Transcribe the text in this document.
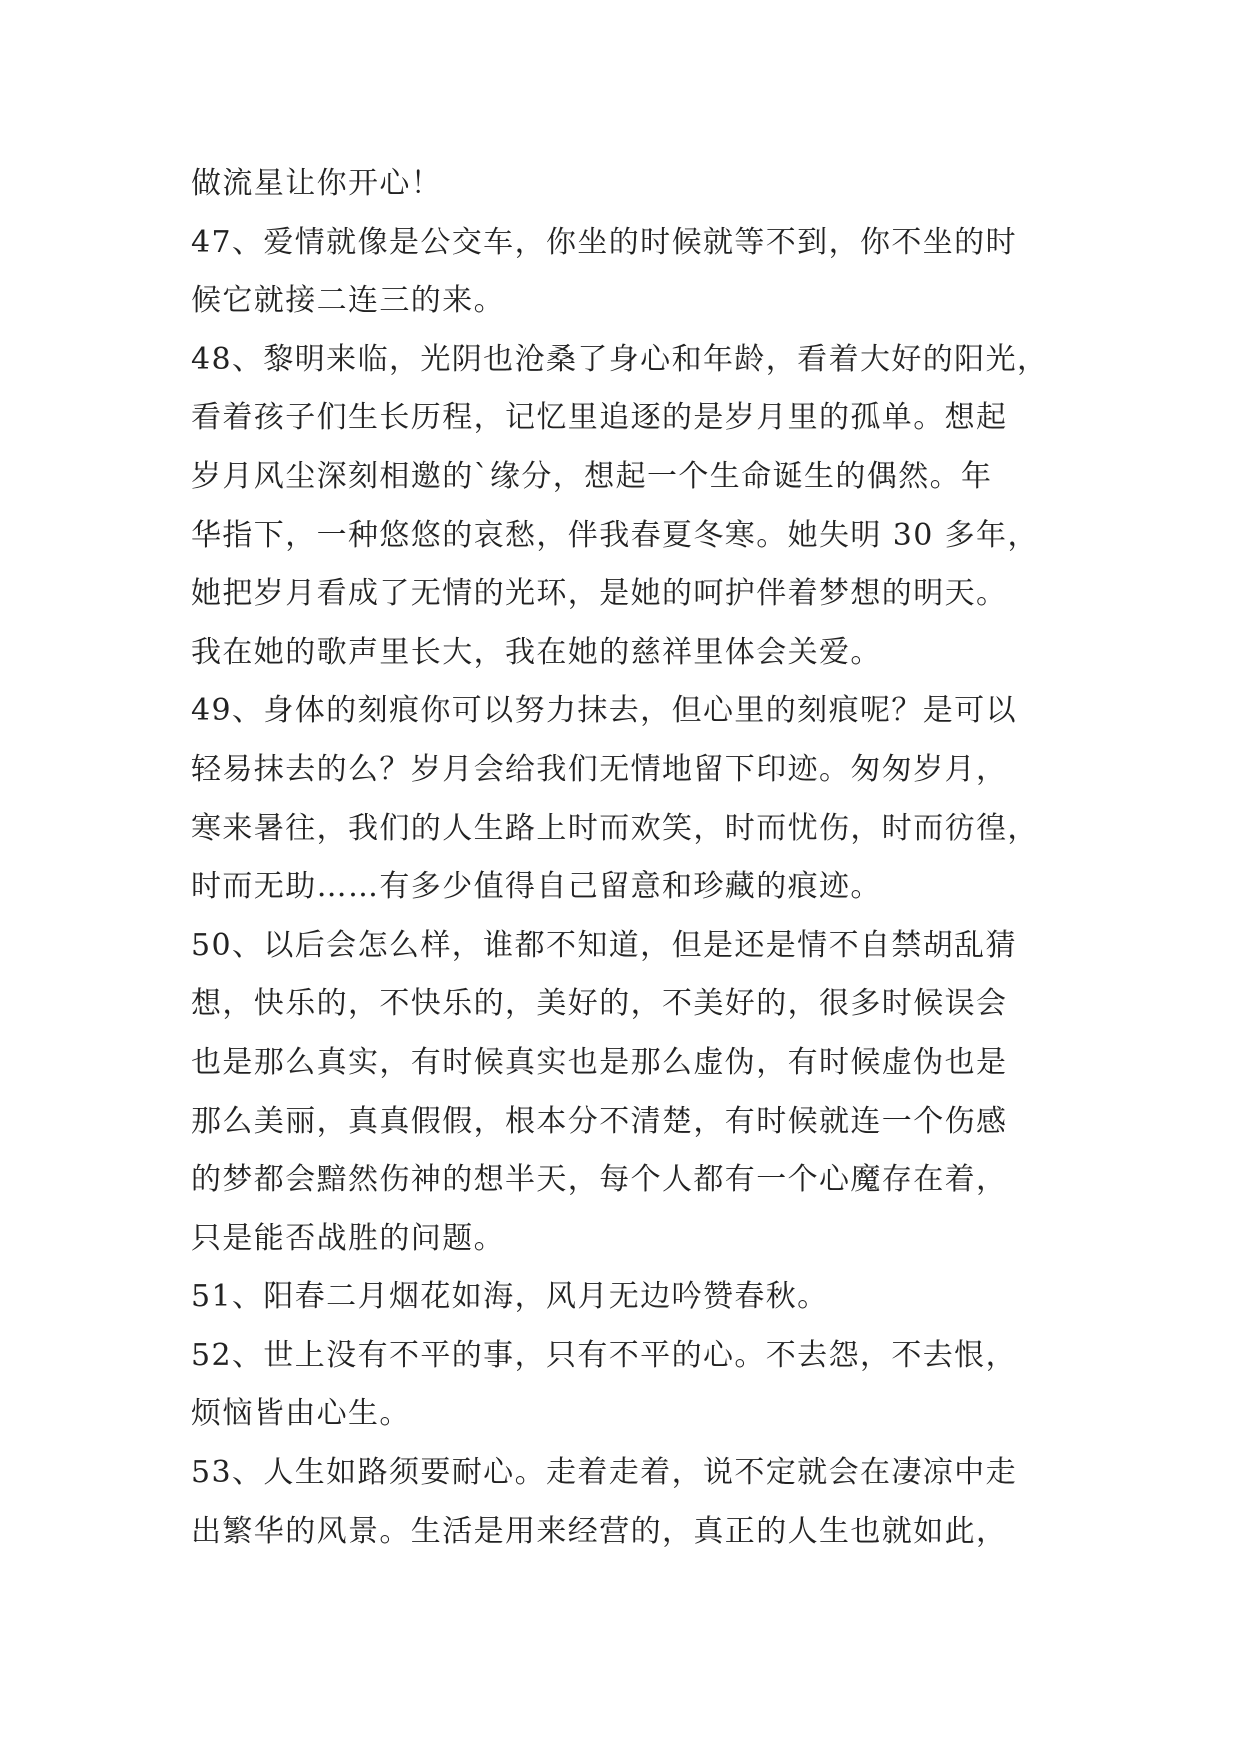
做流星让你开心！
47、爱情就像是公交车，你坐的时候就等不到，你不坐的时
候它就接二连三的来。
48、黎明来临，光阴也沧桑了身心和年龄，看着大好的阳光，
看着孩子们生长历程，记忆里追逐的是岁月里的孤单。想起
岁月风尘深刻相邀的`缘分，想起一个生命诞生的偶然。年
华指下，一种悠悠的哀愁，伴我春夏冬寒。她失明 30 多年，
她把岁月看成了无情的光环，是她的呵护伴着梦想的明天。
我在她的歌声里长大，我在她的慈祥里体会关爱。
49、身体的刻痕你可以努力抹去，但心里的刻痕呢？是可以
轻易抹去的么？岁月会给我们无情地留下印迹。匆匆岁月，
寒来暑往，我们的人生路上时而欢笑，时而忧伤，时而彷徨，
时而无助……有多少值得自己留意和珍藏的痕迹。
50、以后会怎么样，谁都不知道，但是还是情不自禁胡乱猜
想，快乐的，不快乐的，美好的，不美好的，很多时候误会
也是那么真实，有时候真实也是那么虚伪，有时候虚伪也是
那么美丽，真真假假，根本分不清楚，有时候就连一个伤感
的梦都会黯然伤神的想半天，每个人都有一个心魔存在着，
只是能否战胜的问题。
51、阳春二月烟花如海，风月无边吟赞春秋。
52、世上没有不平的事，只有不平的心。不去怨，不去恨，
烦恼皆由心生。
53、人生如路须要耐心。走着走着，说不定就会在凄凉中走
出繁华的风景。生活是用来经营的，真正的人生也就如此，
